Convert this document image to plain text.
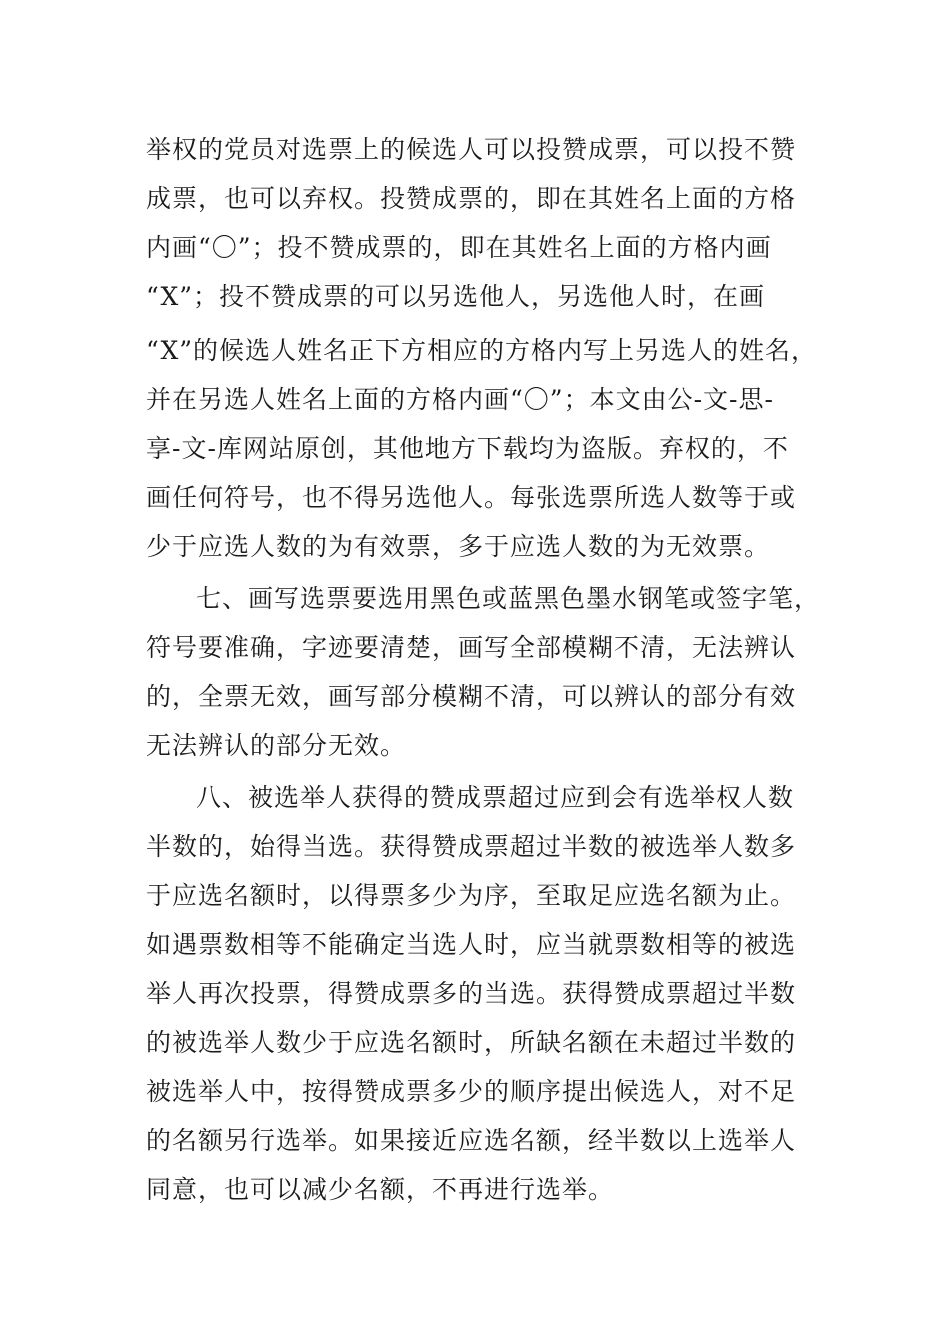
举权的党员对选票上的候选人可以投赞成票，可以投不赞
成票，也可以弃权。投赞成票的，即在其姓名上面的方格
内画“〇”；投不赞成票的，即在其姓名上面的方格内画
“X”；投不赞成票的可以另选他人，另选他人时，在画
“X”的候选人姓名正下方相应的方格内写上另选人的姓名，
并在另选人姓名上面的方格内画“〇”；本文由公-文-思-
享-文-库网站原创，其他地方下载均为盗版。弃权的，不
画任何符号，也不得另选他人。每张选票所选人数等于或
少于应选人数的为有效票，多于应选人数的为无效票。
七、画写选票要选用黑色或蓝黑色墨水钢笔或签字笔，
符号要准确，字迹要清楚，画写全部模糊不清，无法辨认
的，全票无效，画写部分模糊不清，可以辨认的部分有效
无法辨认的部分无效。
八、被选举人获得的赞成票超过应到会有选举权人数
半数的，始得当选。获得赞成票超过半数的被选举人数多
于应选名额时，以得票多少为序，至取足应选名额为止。
如遇票数相等不能确定当选人时，应当就票数相等的被选
举人再次投票，得赞成票多的当选。获得赞成票超过半数
的被选举人数少于应选名额时，所缺名额在未超过半数的
被选举人中，按得赞成票多少的顺序提出候选人，对不足
的名额另行选举。如果接近应选名额，经半数以上选举人
同意，也可以减少名额，不再进行选举。
